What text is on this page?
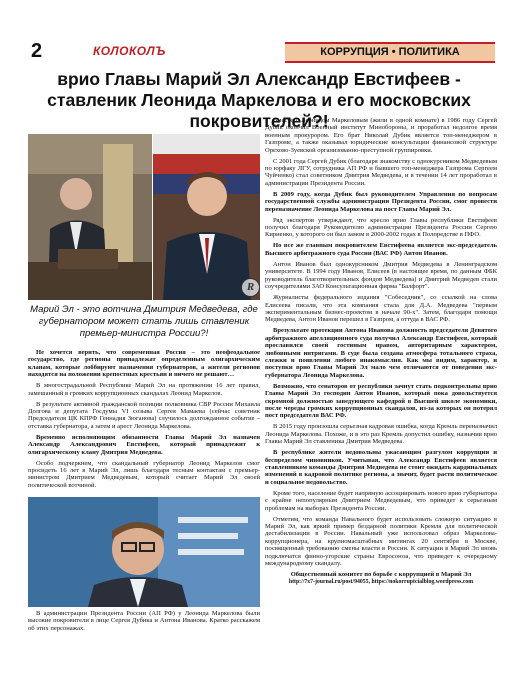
2	КОЛОКОЛЪ	КОРРУПЦИЯ • ПОЛИТИКА
врио Главы Марий Эл Александр Евстифеев - ставленик Леонида Маркелова и его московских покровителей?!
R
Марий Эл - это вотчина Дмитрия Медведева, где губернатором может стать лишь ставленик премьер-министра России?!

Не хочется верить, что современная Россия – это неофеодальное государство, где регионы принадлежат определенным олигархическим кланам, которые лоббируют назначения губернаторов, а жители регионов находятся на положении крепостных крестьян и ничего не решают…

В многострадальной Республике Марий Эл на протяжении 16 лет правил, замешанный в громких коррупционных скандалах Леонид Маркелов.

В результате активной гражданской позиции полковника СВР России Михаила Долгова и депутата Госдумы VI созыва Сергея Мамаева (сейчас советник Председателя ЦК КПРФ Геннадия Зюганова) случилось долгожданное событие – отставка губернатора, а затем и арест Леонида Маркелова.

Временно исполняющим обязанности Главы Марий Эл назначен Александр Александрович Евстифеев, который принадлежит к олигархическому клану Дмитрия Медведева.

Особо подчеркнем, что скандальный губернатор Леонид Маркелов смог просидеть 16 лет в Марий Эл, лишь благодаря тесным контактам с премьер-министром Дмитрием Медведевым, который считает Марий Эл своей политической вотчиной.

В администрации Президента России (АП РФ) у Леонида Маркелова были высокие покровители в лице Сергея Дубика и Антона Иванова. Кратко расскажем об этих персонажах.

Вместе с Леонидом Маркеловым (жили в одной комнате) в 1986 году Сергей Дубик окончил Военный институт Минобороны, и проработал недолгое время военным прокурором. Его брат Николай Дубик является топ-менеджером в Газпроме, а также оказывал юридические консультации финансовой структуре Орехово-Зуевской организованно-преступной группировки.

С 2001 года Сергей Дубик (благодаря знакомству с однокурсником Медведевым по юрфаку ЛГУ, сотрудника АП РФ и бывшего топ-менеджера Газпрома Сергеем Чуйченко) стал советником Дмитрия Медведева, и в течении 14 лет проработал в администрации Президента России.

В 2009 году, когда Дубик был руководителем Управления по вопросам государственной службы администрации Президента России, смог провести переназначение Леонида Маркелова на пост Главы Марий Эл.

Ряд экспертов утверждают, что кресло врио Главы республики Евстифеев получил благодаря Руководителю администрации Президента России Сергею Кириенко, у которого он был замом в 2000-2002 годах в Полпредстве в ПФО.

Но все же главным покровителем Евстифеева является экс-председатель Высшего арбитражного суда России (ВАС РФ) Антон Иванов.

Антон Иванов был однокурсником Дмитрия Медведева в Ленинградском университете. В 1994 году Иванов, Елисеев (в настоящее время, по данным ФБК руководитель благотворительных фондов Медведева) и Дмитрий Медведев стали соучредителями ЗАО Консультационная фирма "Балфорт".

Журналисты федерального издания "Собеседник", со ссылкой на слова Елисеева писали, что эта компания стала для Д.А. Медведева "первым экспериментальным бизнес-проектом в начале 90-х". Затем, благодаря помощи Медведева, Антон Иванов перешел в Газпром, а оттуда в ВАС РФ.

Врезультате протекции Антона Иванова должность председателя Девятого арбитражного апелляционного суда получил Александр Евстифеев, который прославился своей гостиным нравом, авторитарным характером, любовными интригами. В суде была создана атмосфера тотального страха, слежки и появлении любого инакомыслия. Как мы видим, характер, и поступки врио Главы Марий Эл мало чем отличаются от поведения экс-губернатора Леонида Маркелова.

Возможно, что сенаторов от республики зачнут стать подконтрольны врио Главы Марий Эл господин Антон Иванов, который пока довольствуется скромной должностью заведующего кафедрой в Высшей школе экономики, после череды громких коррупционных скандалов, из-за которых он потерял пост председателя ВАС РФ.

В 2015 году произошла серьезная кадровая ошибка, когда Кремль переназначил Леонида Маркелова. Похоже, и в это раз Кремль допустил ошибку, назначив врио Главы Марий Эл ставленика Дмитрия Медведева.

В республике жители недовольны ужасающим разгулом коррупции и беспределом чиновников. Учитывая, что Александр Евстифеев является ставленником команды Дмитрия Медведева не стоит ожидать кардинальных изменений в кадровой политике региона, а значит, будет расти политическое и социальное недовольство.

Кроме того, население будет напрямую ассоциировать нового врио губернатора с крайне непопулярным Дмитрием Медведевым, что приведет к серьезным проблемам на выборах Президента России.

Отметим, что команда Навального будет использовать сложную ситуацию в Марий Эл, как яркий пример бездарной политики Кремля для политической дестабилизации в России. Навальный уже использовал образ Маркелова-коррупционера, на крупномасштабных митингах 20 сентября в Москве, посвященный требованию смены власти в России. К ситуации в Марий Эл вновь подключатся финно-угорские страны Евросоюза, что приведет к очередному международному скандалу.

Общественный комитет по борьбе с коррупцией в Марий Эл

http://7x7-journal.ru/post/94055, https://nokorruptcialblog.wordpress.com
